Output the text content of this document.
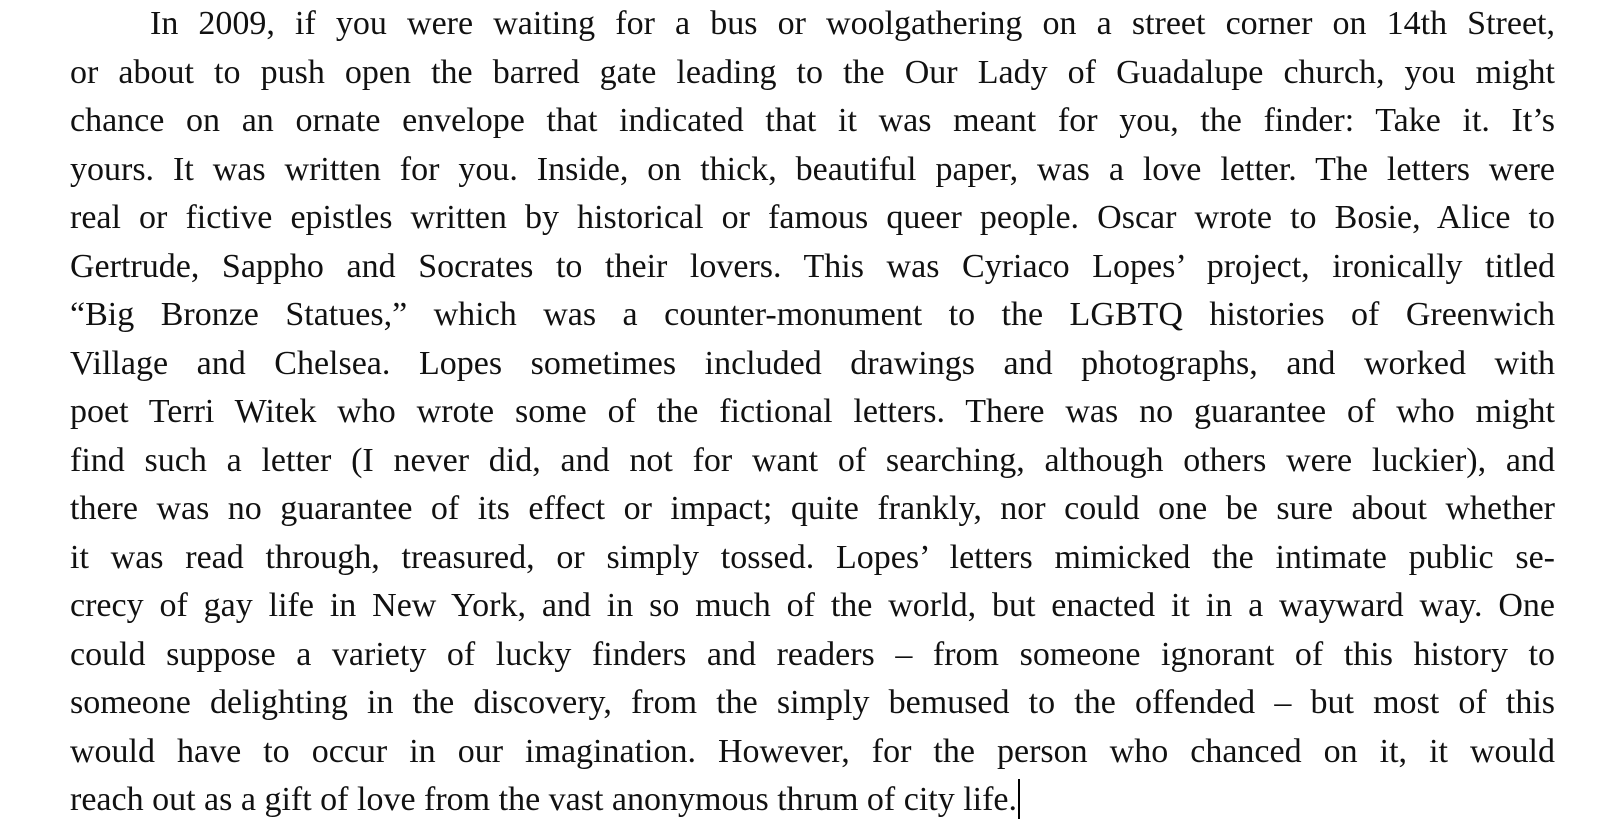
In 2009, if you were waiting for a bus or woolgathering on a street corner on 14th Street,
or about to push open the barred gate leading to the Our Lady of Guadalupe church, you might
chance on an ornate envelope that indicated that it was meant for you, the finder: Take it. It’s
yours. It was written for you. Inside, on thick, beautiful paper, was a love letter. The letters were
real or fictive epistles written by historical or famous queer people. Oscar wrote to Bosie, Alice to
Gertrude, Sappho and Socrates to their lovers. This was Cyriaco Lopes’ project, ironically titled
“Big Bronze Statues,” which was a counter-monument to the LGBTQ histories of Greenwich
Village and Chelsea. Lopes sometimes included drawings and photographs, and worked with
poet Terri Witek who wrote some of the fictional letters. There was no guarantee of who might
find such a letter (I never did, and not for want of searching, although others were luckier), and
there was no guarantee of its effect or impact; quite frankly, nor could one be sure about whether
it was read through, treasured, or simply tossed. Lopes’ letters mimicked the intimate public se-
crecy of gay life in New York, and in so much of the world, but enacted it in a wayward way. One
could suppose a variety of lucky finders and readers – from someone ignorant of this history to
someone delighting in the discovery, from the simply bemused to the offended – but most of this
would have to occur in our imagination. However, for the person who chanced on it, it would
reach out as a gift of love from the vast anonymous thrum of city life.
